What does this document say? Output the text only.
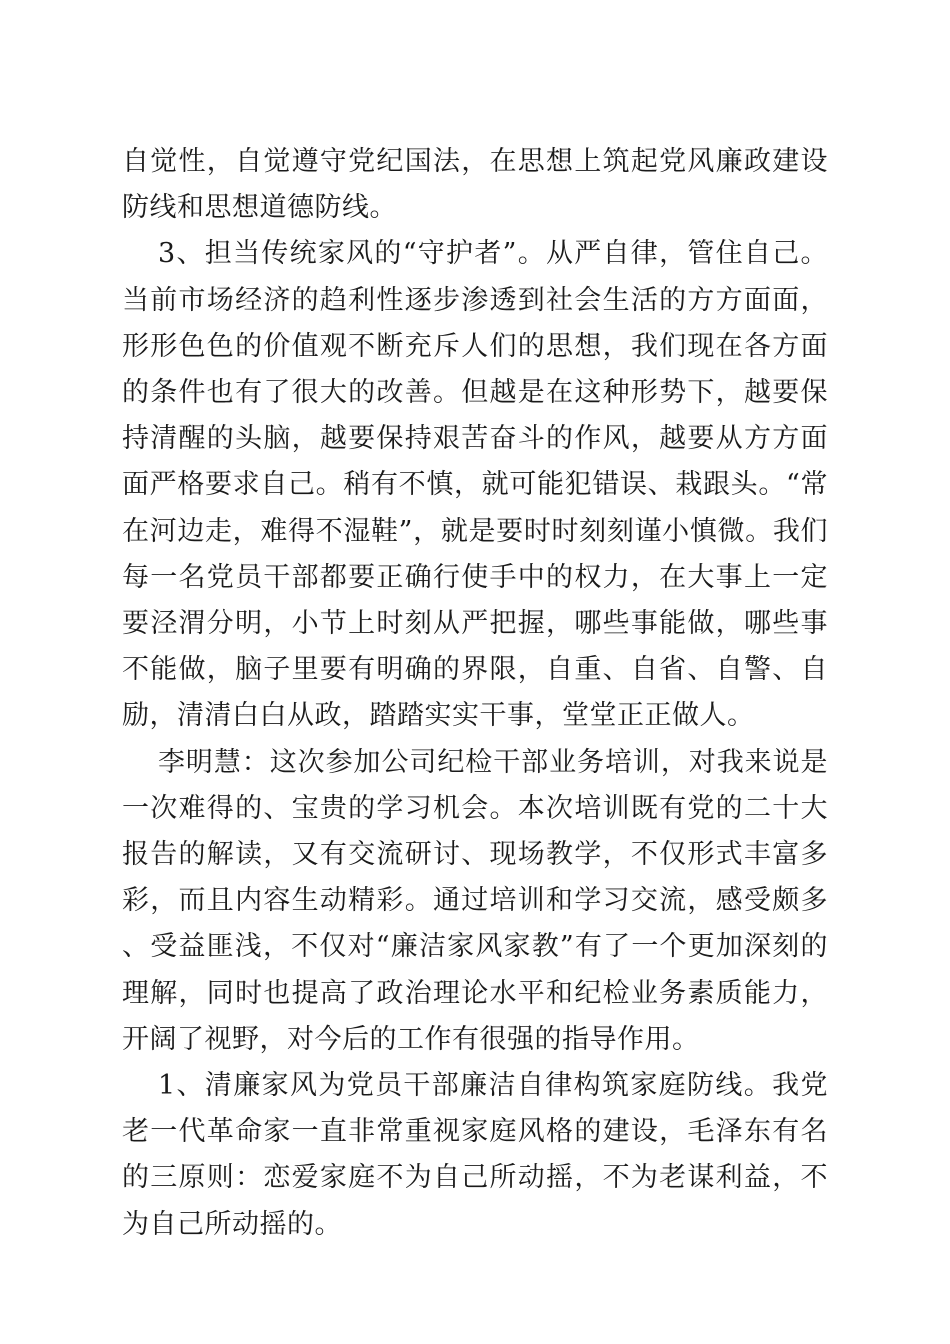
自觉性，自觉遵守党纪国法，在思想上筑起党风廉政建设防线和思想道德防线。

3、担当传统家风的“守护者”。从严自律，管住自己。当前市场经济的趋利性逐步渗透到社会生活的方方面面，形形色色的价值观不断充斥人们的思想，我们现在各方面的条件也有了很大的改善。但越是在这种形势下，越要保持清醒的头脑，越要保持艰苦奋斗的作风，越要从方方面面严格要求自己。稍有不慎，就可能犯错误、栽跟头。“常在河边走，难得不湿鞋”，就是要时时刻刻谨小慎微。我们每一名党员干部都要正确行使手中的权力，在大事上一定要泾渭分明，小节上时刻从严把握，哪些事能做，哪些事不能做，脑子里要有明确的界限，自重、自省、自警、自励，清清白白从政，踏踏实实干事，堂堂正正做人。

李明慧：这次参加公司纪检干部业务培训，对我来说是一次难得的、宝贵的学习机会。本次培训既有党的二十大报告的解读，又有交流研讨、现场教学，不仅形式丰富多彩，而且内容生动精彩。通过培训和学习交流，感受颇多、受益匪浅，不仅对“廉洁家风家教”有了一个更加深刻的理解，同时也提高了政治理论水平和纪检业务素质能力，开阔了视野，对今后的工作有很强的指导作用。

1、清廉家风为党员干部廉洁自律构筑家庭防线。我党老一代革命家一直非常重视家庭风格的建设，毛泽东有名的三原则：恋爱家庭不为自己所动摇，不为老谋利益，不为自己所动摇的。
